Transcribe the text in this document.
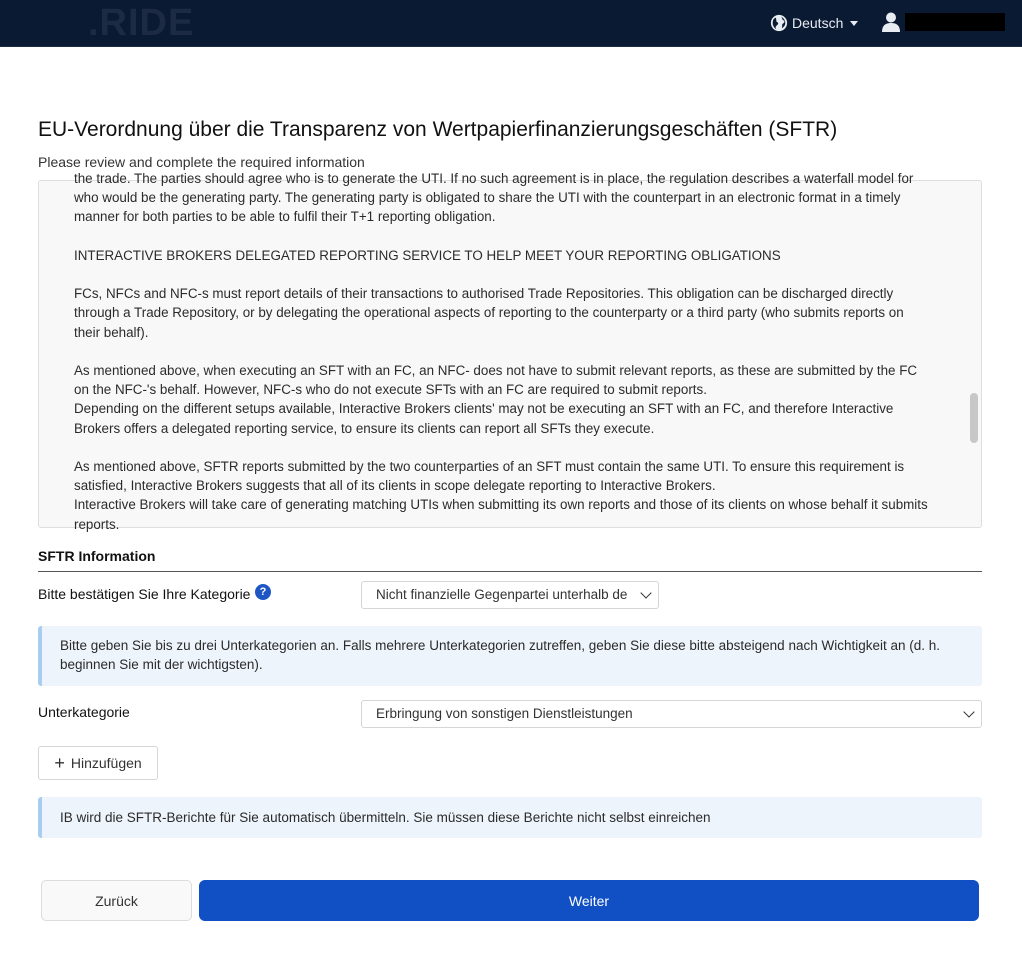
.RIDE	Deutsch	████████
EU-Verordnung über die Transparenz von Wertpapierfinanzierungsgeschäften (SFTR)
Please review and complete the required information

the trade. The parties should agree who is to generate the UTI. If no such agreement is in place, the regulation describes a waterfall model for who would be the generating party. The generating party is obligated to share the UTI with the counterpart in an electronic format in a timely manner for both parties to be able to fulfil their T+1 reporting obligation.

INTERACTIVE BROKERS DELEGATED REPORTING SERVICE TO HELP MEET YOUR REPORTING OBLIGATIONS

FCs, NFCs and NFC-s must report details of their transactions to authorised Trade Repositories. This obligation can be discharged directly through a Trade Repository, or by delegating the operational aspects of reporting to the counterparty or a third party (who submits reports on their behalf).

As mentioned above, when executing an SFT with an FC, an NFC- does not have to submit relevant reports, as these are submitted by the FC on the NFC-'s behalf. However, NFC-s who do not execute SFTs with an FC are required to submit reports.

Depending on the different setups available, Interactive Brokers clients' may not be executing an SFT with an FC, and therefore Interactive Brokers offers a delegated reporting service, to ensure its clients can report all SFTs they execute.

As mentioned above, SFTR reports submitted by the two counterparties of an SFT must contain the same UTI. To ensure this requirement is satisfied, Interactive Brokers suggests that all of its clients in scope delegate reporting to Interactive Brokers.

Interactive Brokers will take care of generating matching UTIs when submitting its own reports and those of its clients on whose behalf it submits reports.

SFTR Information
Bitte bestätigen Sie Ihre Kategorie ?	Nicht finanzielle Gegenpartei unterhalb de
Bitte geben Sie bis zu drei Unterkategorien an. Falls mehrere Unterkategorien zutreffen, geben Sie diese bitte absteigend nach Wichtigkeit an (d. h. beginnen Sie mit der wichtigsten).
Unterkategorie	Erbringung von sonstigen Dienstleistungen
+ Hinzufügen
IB wird die SFTR-Berichte für Sie automatisch übermitteln. Sie müssen diese Berichte nicht selbst einreichen
Zurück	Weiter
